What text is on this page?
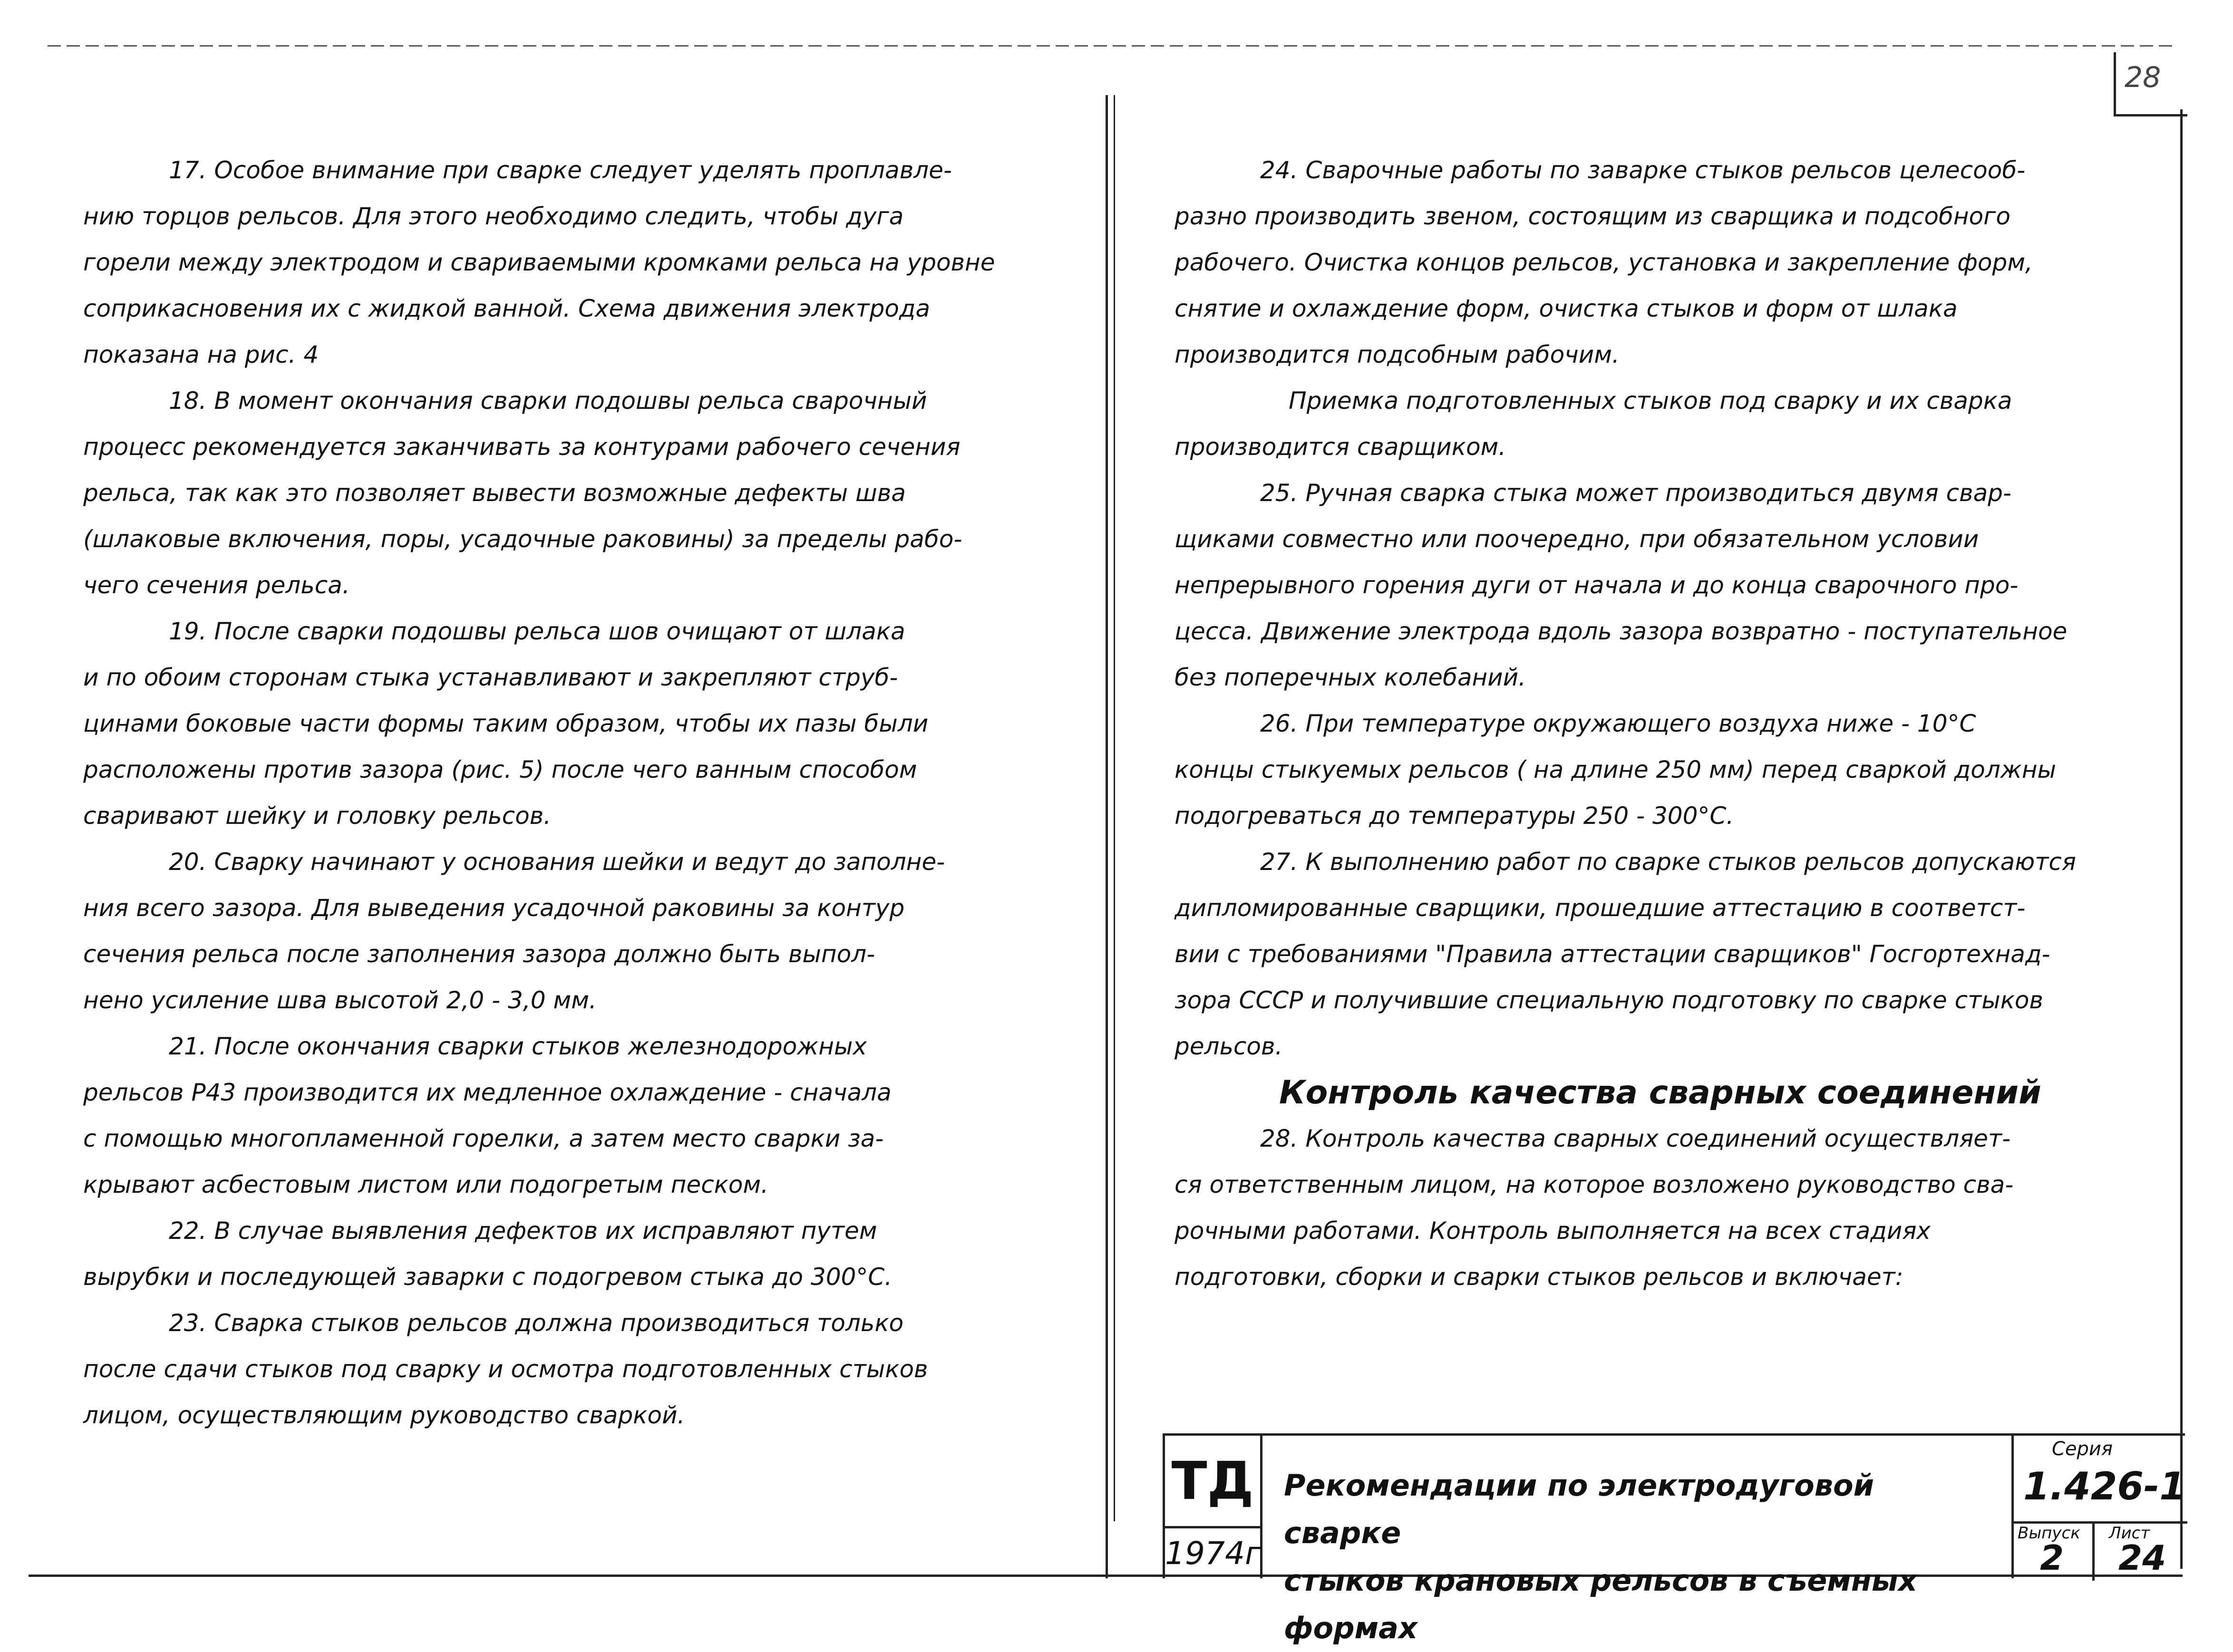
28

17. Особое внимание при сварке следует уделять проплавле-

нию торцов рельсов. Для этого необходимо следить, чтобы дуга

горели между электродом и свариваемыми кромками рельса на уровне

соприкасновения их с жидкой ванной. Схема движения электрода

показана на рис. 4

18. В момент окончания сварки подошвы рельса сварочный

процесс рекомендуется заканчивать за контурами рабочего сечения

рельса, так как это позволяет вывести возможные дефекты шва

(шлаковые включения, поры, усадочные раковины) за пределы рабо-

чего сечения рельса.

19. После сварки подошвы рельса шов очищают от шлака

и по обоим сторонам стыка устанавливают и закрепляют струб-

цинами боковые части формы таким образом, чтобы их пазы были

расположены против зазора (рис. 5) после чего ванным способом

сваривают шейку и головку рельсов.

20. Сварку начинают у основания шейки и ведут до заполне-

ния всего зазора. Для выведения усадочной раковины за контур

сечения рельса после заполнения зазора должно быть выпол-

нено усиление шва высотой 2,0 - 3,0 мм.

21. После окончания сварки стыков железнодорожных

рельсов Р43 производится их медленное охлаждение - сначала

с помощью многопламенной горелки, а затем место сварки за-

крывают асбестовым листом или подогретым песком.

22. В случае выявления дефектов их исправляют путем

вырубки и последующей заварки с подогревом стыка до 300°С.

23. Сварка стыков рельсов должна производиться только

после сдачи стыков под сварку и осмотра подготовленных стыков

лицом, осуществляющим руководство сваркой.

24. Сварочные работы по заварке стыков рельсов целесооб-

разно производить звеном, состоящим из сварщика и подсобного

рабочего. Очистка концов рельсов, установка и закрепление форм,

снятие и охлаждение форм, очистка стыков и форм от шлака

производится подсобным рабочим.

Приемка подготовленных стыков под сварку и их сварка

производится сварщиком.

25. Ручная сварка стыка может производиться двумя свар-

щиками совместно или поочередно, при обязательном условии

непрерывного горения дуги от начала и до конца сварочного про-

цесса. Движение электрода вдоль зазора возвратно - поступательное

без поперечных колебаний.

26. При температуре окружающего воздуха ниже - 10°С

концы стыкуемых рельсов ( на длине 250 мм) перед сваркой должны

подогреваться до температуры 250 - 300°С.

27. К выполнению работ по сварке стыков рельсов допускаются

дипломированные сварщики, прошедшие аттестацию в соответст-

вии с требованиями "Правила аттестации сварщиков" Госгортехнад-

зора СССР и получившие специальную подготовку по сварке стыков

рельсов.

Контроль качества сварных соединений

28. Контроль качества сварных соединений осуществляет-

ся ответственным лицом, на которое возложено руководство сва-

рочными работами. Контроль выполняется на всех стадиях

подготовки, сборки и сварки стыков рельсов и включает:

ТД
1974г
Рекомендации по электродуговой сварке
стыков крановых рельсов в съемных формах
Серия
1.426-1
Выпуск
2
Лист
24
